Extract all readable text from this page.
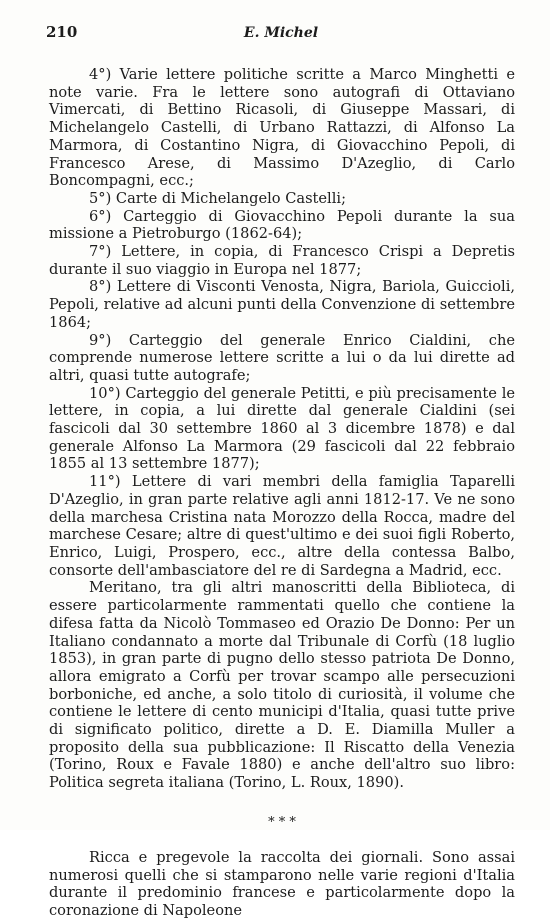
210	E. Michel

4°) Varie lettere politiche scritte a Marco Minghetti e note varie. Fra le lettere sono autografi di Ottaviano Vimercati, di Bettino Ricasoli, di Giuseppe Massari, di Michelangelo Castelli, di Urbano Rattazzi, di Alfonso La Marmora, di Costantino Nigra, di Giovacchino Pepoli, di Francesco Arese, di Massimo D'Azeglio, di Carlo Boncompagni, ecc.;

5°) Carte di Michelangelo Castelli;

6°) Carteggio di Giovacchino Pepoli durante la sua missione a Pietroburgo (1862-64);

7°) Lettere, in copia, di Francesco Crispi a Depretis durante il suo viaggio in Europa nel 1877;

8°) Lettere di Visconti Venosta, Nigra, Bariola, Guiccioli, Pepoli, relative ad alcuni punti della Convenzione di settembre 1864;

9°) Carteggio del generale Enrico Cialdini, che comprende numerose lettere scritte a lui o da lui dirette ad altri, quasi tutte autografe;

10°) Carteggio del generale Petitti, e più precisamente le lettere, in copia, a lui dirette dal generale Cialdini (sei fascicoli dal 30 settembre 1860 al 3 dicembre 1878) e dal generale Alfonso La Marmora (29 fascicoli dal 22 febbraio 1855 al 13 settembre 1877);

11°) Lettere di vari membri della famiglia Taparelli D'Azeglio, in gran parte relative agli anni 1812-17. Ve ne sono della marchesa Cristina nata Morozzo della Rocca, madre del marchese Cesare; altre di quest'ultimo e dei suoi figli Roberto, Enrico, Luigi, Prospero, ecc., altre della contessa Balbo, consorte dell'ambasciatore del re di Sardegna a Madrid, ecc.

Meritano, tra gli altri manoscritti della Biblioteca, di essere particolarmente rammentati quello che contiene la difesa fatta da Nicolò Tommaseo ed Orazio De Donno: Per un Italiano condannato a morte dal Tribunale di Corfù (18 luglio 1853), in gran parte di pugno dello stesso patriota De Donno, allora emigrato a Corfù per trovar scampo alle persecuzioni borboniche, ed anche, a solo titolo di curiosità, il volume che contiene le lettere di cento municipi d'Italia, quasi tutte prive di significato politico, dirette a D. E. Diamilla Muller a proposito della sua pubblicazione: Il Riscatto della Venezia (Torino, Roux e Favale 1880) e anche dell'altro suo libro: Politica segreta italiana (Torino, L. Roux, 1890).

* * *

Ricca e pregevole la raccolta dei giornali. Sono assai numerosi quelli che si stamparono nelle varie regioni d'Italia durante il predominio francese e particolarmente dopo la coronazione di Napoleone
